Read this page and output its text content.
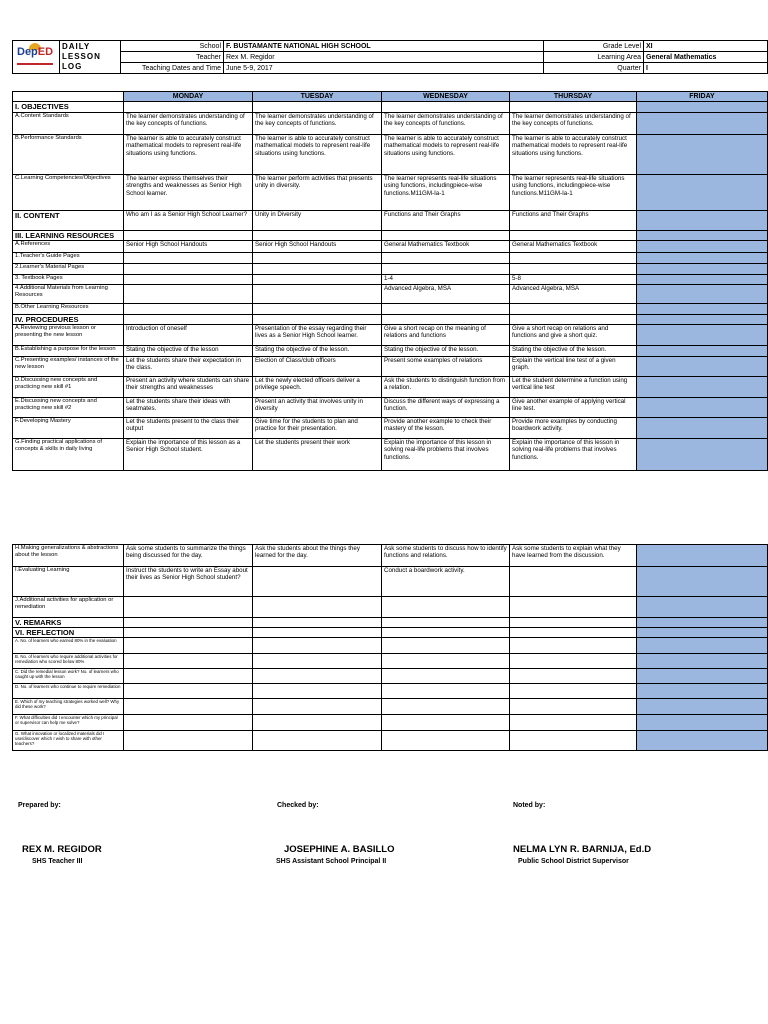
DepED	DAILY
LESSON
LOG	School	F. BUSTAMANTE NATIONAL HIGH SCHOOL	Grade Level	XI
		Teacher	Rex M. Regidor	Learning Area	General Mathematics
		Teaching Dates and Time	June 5-9, 2017	Quarter	I
	MONDAY	TUESDAY	WEDNESDAY	THURSDAY	FRIDAY
I. OBJECTIVES					
A.Content Standards	The learner demonstrates understanding of the key concepts of functions.	The learner demonstrates understanding of the key concepts of functions.	The learner demonstrates understanding of the key concepts of functions.	The learner demonstrates understanding of the key concepts of functions.	
B.Performance Standards	The learner is able to accurately construct mathematical models to represent real-life situations using functions.	The learner is able to accurately construct mathematical models to represent real-life situations using functions.	The learner is able to accurately construct mathematical models to represent real-life situations using functions.	The learner is able to accurately construct mathematical models to represent real-life situations using functions.	
C.Learning Competencies/Objectives	The learner express themselves their strengths and weaknesses as Senior High School learner.	The learner perform activities that presents unity in diversity.	The learner represents real-life situations using functions, includingpiece-wise functions.M11GM-Ia-1	The learner represents real-life situations using functions, includingpiece-wise functions.M11GM-Ia-1	
II. CONTENT	Who am I as a Senior High School Learner?	Unity in Diversity	Functions and Their Graphs	Functions and Their Graphs	
III. LEARNING RESOURCES					
A.References	Senior High School Handouts	Senior High School Handouts	General Mathematics Textbook	General Mathematics Textbook	
1.Teacher's Guide Pages					
2.Learner's Material Pages					
3. Textbook Pages			1-4	5-8	
4.Additional Materials from Learning Resources			Advanced Algebra, MSA	Advanced Algebra, MSA	
B.Other Learning Resources					
IV. PROCEDURES					
A.Reviewing previous lesson or presenting the new lesson	Introduction of oneself	Presentation of the essay regarding their lives as a Senior High School learner.	Give a short recap on the meaning of relations and functions	Give a short recap on relations and functions and give a short quiz.	
B.Establishing a purpose for the lesson	Stating the objective of the lesson	Stating the objective of the lesson.	Stating the objective of the lesson.	Stating the objective of the lesson.	
C.Presenting examples/ instances of the new lesson	Let the students share their expectation in the class.	Election of Class/club officers	Present some examples of relations	Explain the vertical line test of a given graph.	
D.Discussing new concepts and practicing new skill #1	Present an activity where students can share their strengths and weaknesses	Let the newly elected officers deliver a privilege speech.	Ask the students to distinguish function from a relation.	Let the student determine a function using vertical line test	
E.Discussing new concepts and practicing new skill #2	Let the students share their ideas with seatmates.	Present an activity that involves unity in diversity	Discuss the different ways of expressing a function.	Give another example of applying vertical line test.	
F.Developing Mastery	Let the students present to the class their output	Give time for the students to plan and practice for their presentation.	Provide another example to check their mastery of the lesson.	Provide more examples by conducting boardwork activity.	
G.Finding practical applications of concepts & skills in daily living	Explain the importance of this lesson as a Senior High School student.	Let the students present their work	Explain the importance of this lesson in solving real-life problems that involves functions.	Explain the importance of this lesson in solving real-life problems that involves functions.	
H.Making generalizations & abstractions about the lesson	Ask some students to summarize the things being discussed for the day.	Ask the students about the things they learned for the day.	Ask some students to discuss how to identify functions and relations.	Ask some students to explain what they have learned from the discussion.	
I.Evaluating Learning	Instruct the students to write an Essay about their lives as Senior High School student?		Conduct a boardwork activity.		
J.Additional activities for application or remediation					
V. REMARKS					
VI. REFLECTION					
A. No. of learners who earned 80% in the evaluation					
B. No. of learners who require additional activities for remediation who scored below 80%					
C. Did the remedial lesson work? No. of learners who caught up with the lesson					
D. No. of learners who continue to require remediation					
E. Which of my teaching strategies worked well? Why did these work?					
F. What difficulties did I encounter which my principal or supervisor can help me solve?					
G. What innovation or localized materials did I use/discover which I wish to share with other teachers?					
Prepared by:	Checked by:	Noted by:
REX M. REGIDOR
SHS Teacher III
JOSEPHINE A. BASILLO
SHS Assistant School Principal II
NELMA LYN R. BARNIJA, Ed.D
Public School District Supervisor
